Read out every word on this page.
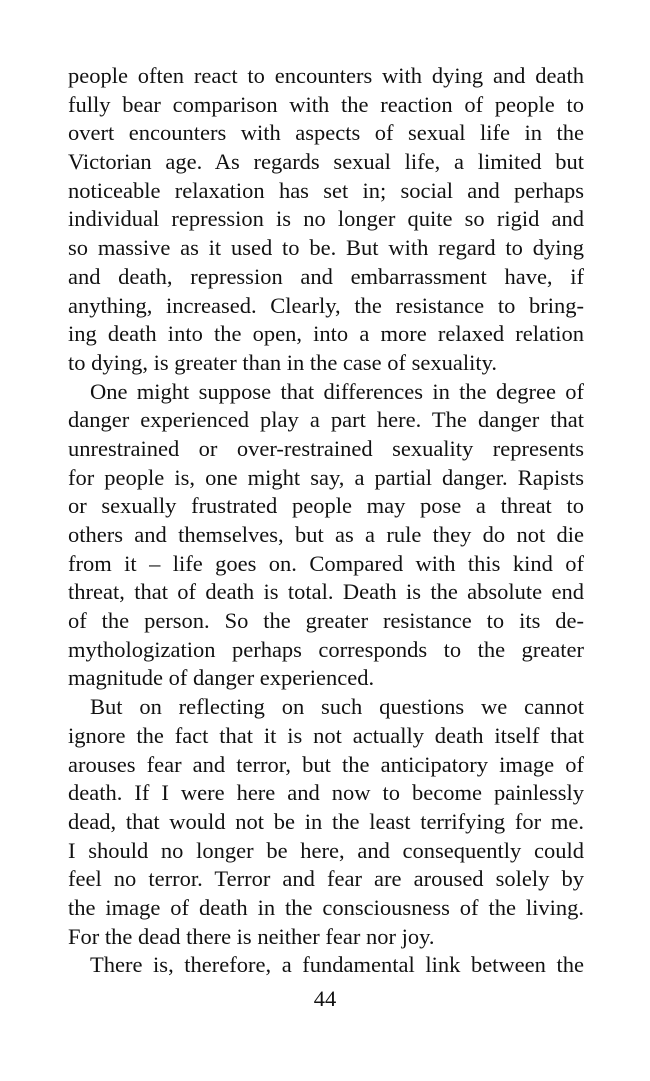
people often react to encounters with dying and death
fully bear comparison with the reaction of people to
overt encounters with aspects of sexual life in the
Victorian age. As regards sexual life, a limited but
noticeable relaxation has set in; social and perhaps
individual repression is no longer quite so rigid and
so massive as it used to be. But with regard to dying
and death, repression and embarrassment have, if
anything, increased. Clearly, the resistance to bring-
ing death into the open, into a more relaxed relation
to dying, is greater than in the case of sexuality.
One might suppose that differences in the degree of
danger experienced play a part here. The danger that
unrestrained or over-restrained sexuality represents
for people is, one might say, a partial danger. Rapists
or sexually frustrated people may pose a threat to
others and themselves, but as a rule they do not die
from it – life goes on. Compared with this kind of
threat, that of death is total. Death is the absolute end
of the person. So the greater resistance to its de-
mythologization perhaps corresponds to the greater
magnitude of danger experienced.
But on reflecting on such questions we cannot
ignore the fact that it is not actually death itself that
arouses fear and terror, but the anticipatory image of
death. If I were here and now to become painlessly
dead, that would not be in the least terrifying for me.
I should no longer be here, and consequently could
feel no terror. Terror and fear are aroused solely by
the image of death in the consciousness of the living.
For the dead there is neither fear nor joy.
There is, therefore, a fundamental link between the
44
